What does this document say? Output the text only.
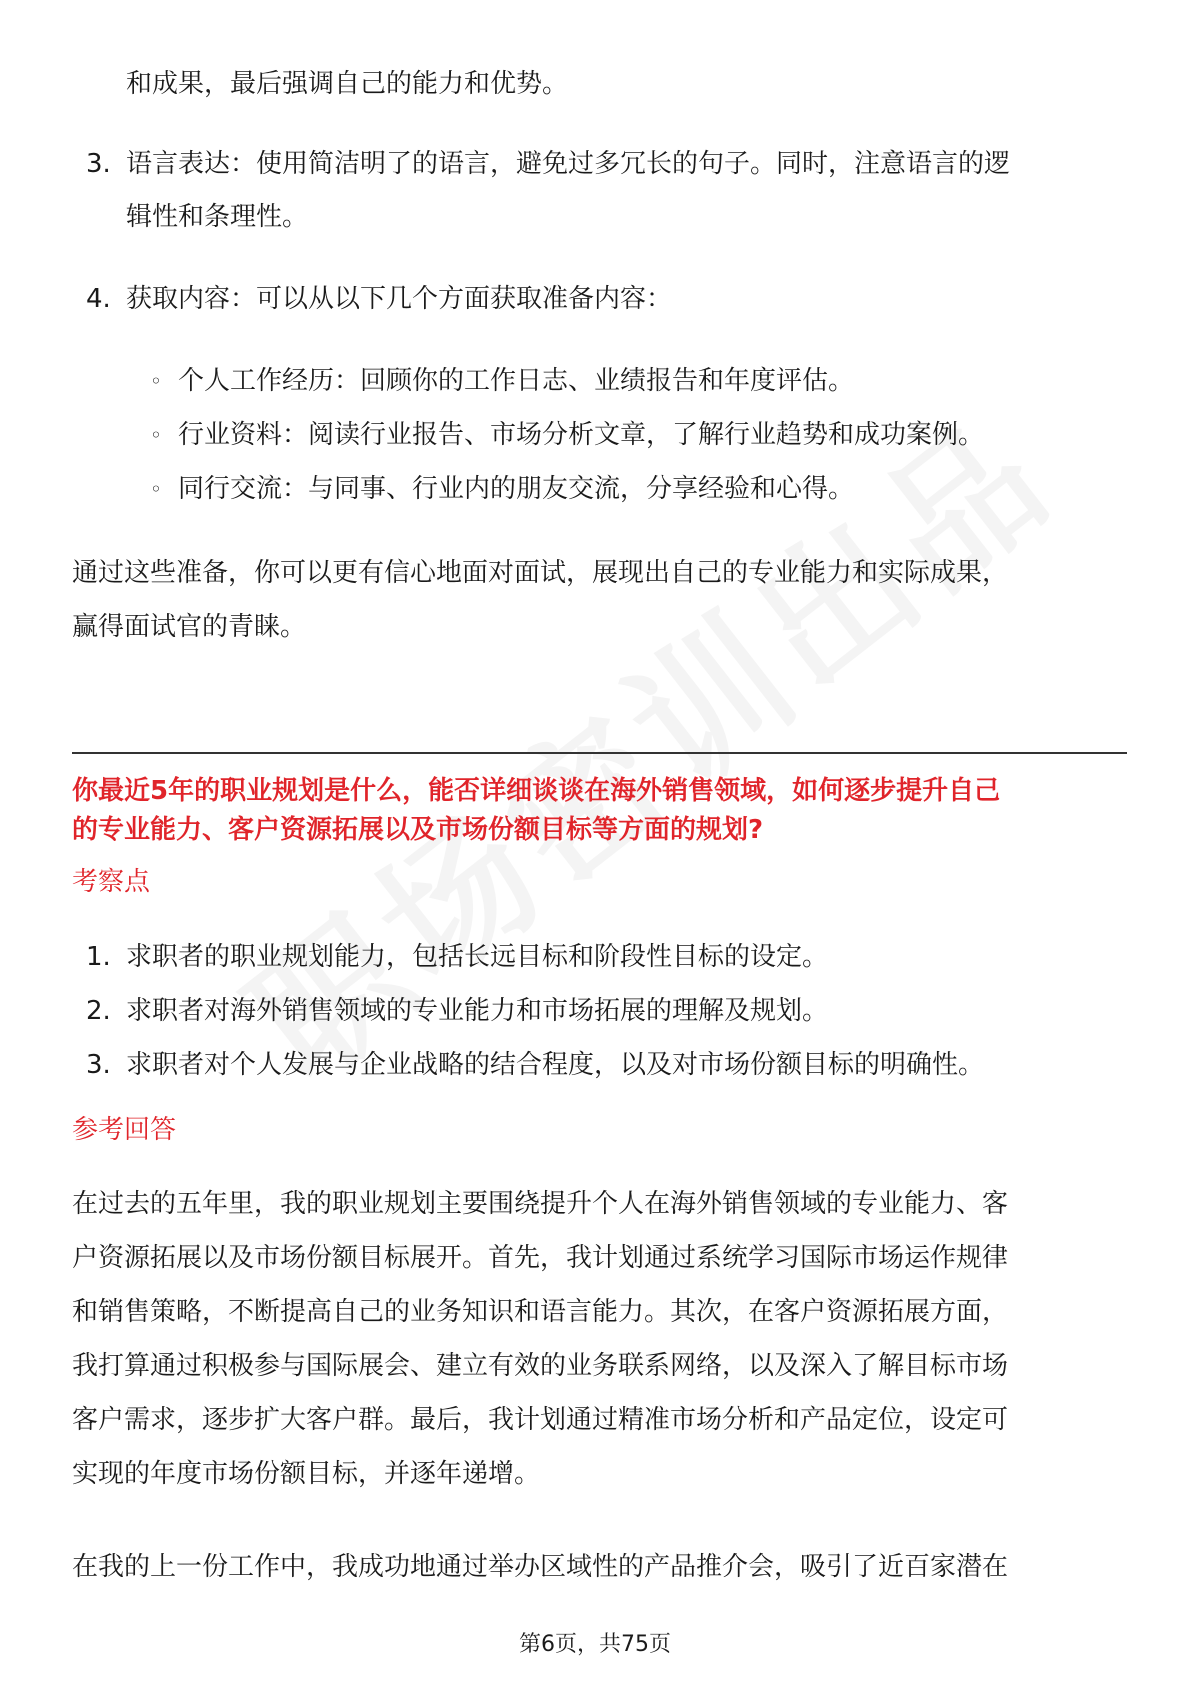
和成果，最后强调自己的能力和优势。

3. 语言表达：使用简洁明了的语言，避免过多冗长的句子。同时，注意语言的逻

辑性和条理性。

4. 获取内容：可以从以下几个方面获取准备内容：

◦ 个人工作经历：回顾你的工作日志、业绩报告和年度评估。
◦ 行业资料：阅读行业报告、市场分析文章，了解行业趋势和成功案例。
◦ 同行交流：与同事、行业内的朋友交流，分享经验和心得。

通过这些准备，你可以更有信心地面对面试，展现出自己的专业能力和实际成果，

赢得面试官的青睐。

你最近5年的职业规划是什么，能否详细谈谈在海外销售领域，如何逐步提升自己
的专业能力、客户资源拓展以及市场份额目标等方面的规划?
考察点
1. 求职者的职业规划能力，包括长远目标和阶段性目标的设定。

2. 求职者对海外销售领域的专业能力和市场拓展的理解及规划。

3. 求职者对个人发展与企业战略的结合程度，以及对市场份额目标的明确性。

参考回答

在过去的五年里，我的职业规划主要围绕提升个人在海外销售领域的专业能力、客

户资源拓展以及市场份额目标展开。首先，我计划通过系统学习国际市场运作规律

和销售策略，不断提高自己的业务知识和语言能力。其次，在客户资源拓展方面，

我打算通过积极参与国际展会、建立有效的业务联系网络，以及深入了解目标市场

客户需求，逐步扩大客户群。最后，我计划通过精准市场分析和产品定位，设定可

实现的年度市场份额目标，并逐年递增。

在我的上一份工作中，我成功地通过举办区域性的产品推介会，吸引了近百家潜在

第6页，共75页
